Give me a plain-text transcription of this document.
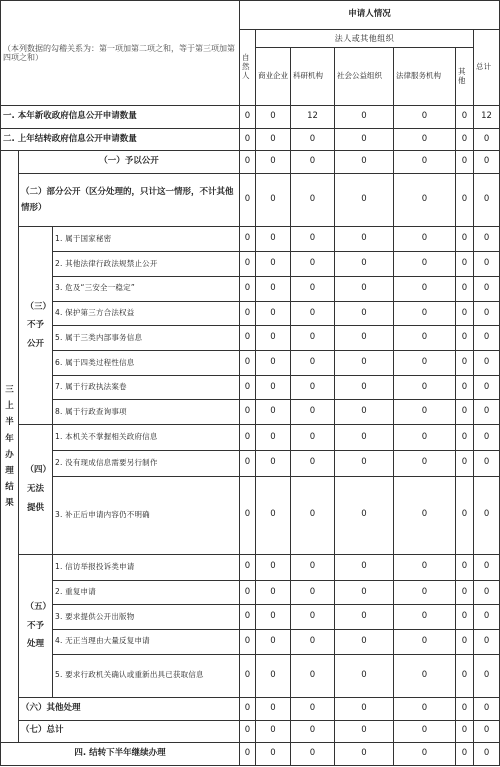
（本列数据的勾稽关系为：第一项加第二项之和，等于第三项加第四项之和）			申请人情况						
			自然人	法人或其他组织					总计
				商业企业	科研机构	社会公益组织	法律服务机构	其他	
一. 本年新收政府信息公开申请数量			0	0	12	0	0	0	12
二. 上年结转政府信息公开申请数量			0	0	0	0	0	0	0

三上半年办理结果	（一）予以公开		0	0	0	0	0	0	0
	（二）部分公开（区分处理的，只计这一情形，不计其他情形）		0	0	0	0	0	0	0

	（三）不予公开	1. 属于国家秘密	0	0	0	0	0	0	0
		2. 其他法律行政法规禁止公开	0	0	0	0	0	0	0
		3. 危及“三安全一稳定”	0	0	0	0	0	0	0
		4. 保护第三方合法权益	0	0	0	0	0	0	0
		5. 属于三类内部事务信息	0	0	0	0	0	0	0
		6. 属于四类过程性信息	0	0	0	0	0	0	0
		7. 属于行政执法案卷	0	0	0	0	0	0	0
		8. 属于行政查询事项	0	0	0	0	0	0	0

	（四）无法提供	1. 本机关不掌握相关政府信息	0	0	0	0	0	0	0
		2. 没有现成信息需要另行制作	0	0	0	0	0	0	0
		3. 补正后申请内容仍不明确	0	0	0	0	0	0	0

	（五）不予处理	1. 信访举报投诉类申请	0	0	0	0	0	0	0
		2. 重复申请	0	0	0	0	0	0	0
		3. 要求提供公开出版物	0	0	0	0	0	0	0
		4. 无正当理由大量反复申请	0	0	0	0	0	0	0
		5. 要求行政机关确认或重新出具已获取信息	0	0	0	0	0	0	0
	（六）其他处理		0	0	0	0	0	0	0
	（七）总计		0	0	0	0	0	0	0
四. 结转下半年继续办理			0	0	0	0	0	0	0
